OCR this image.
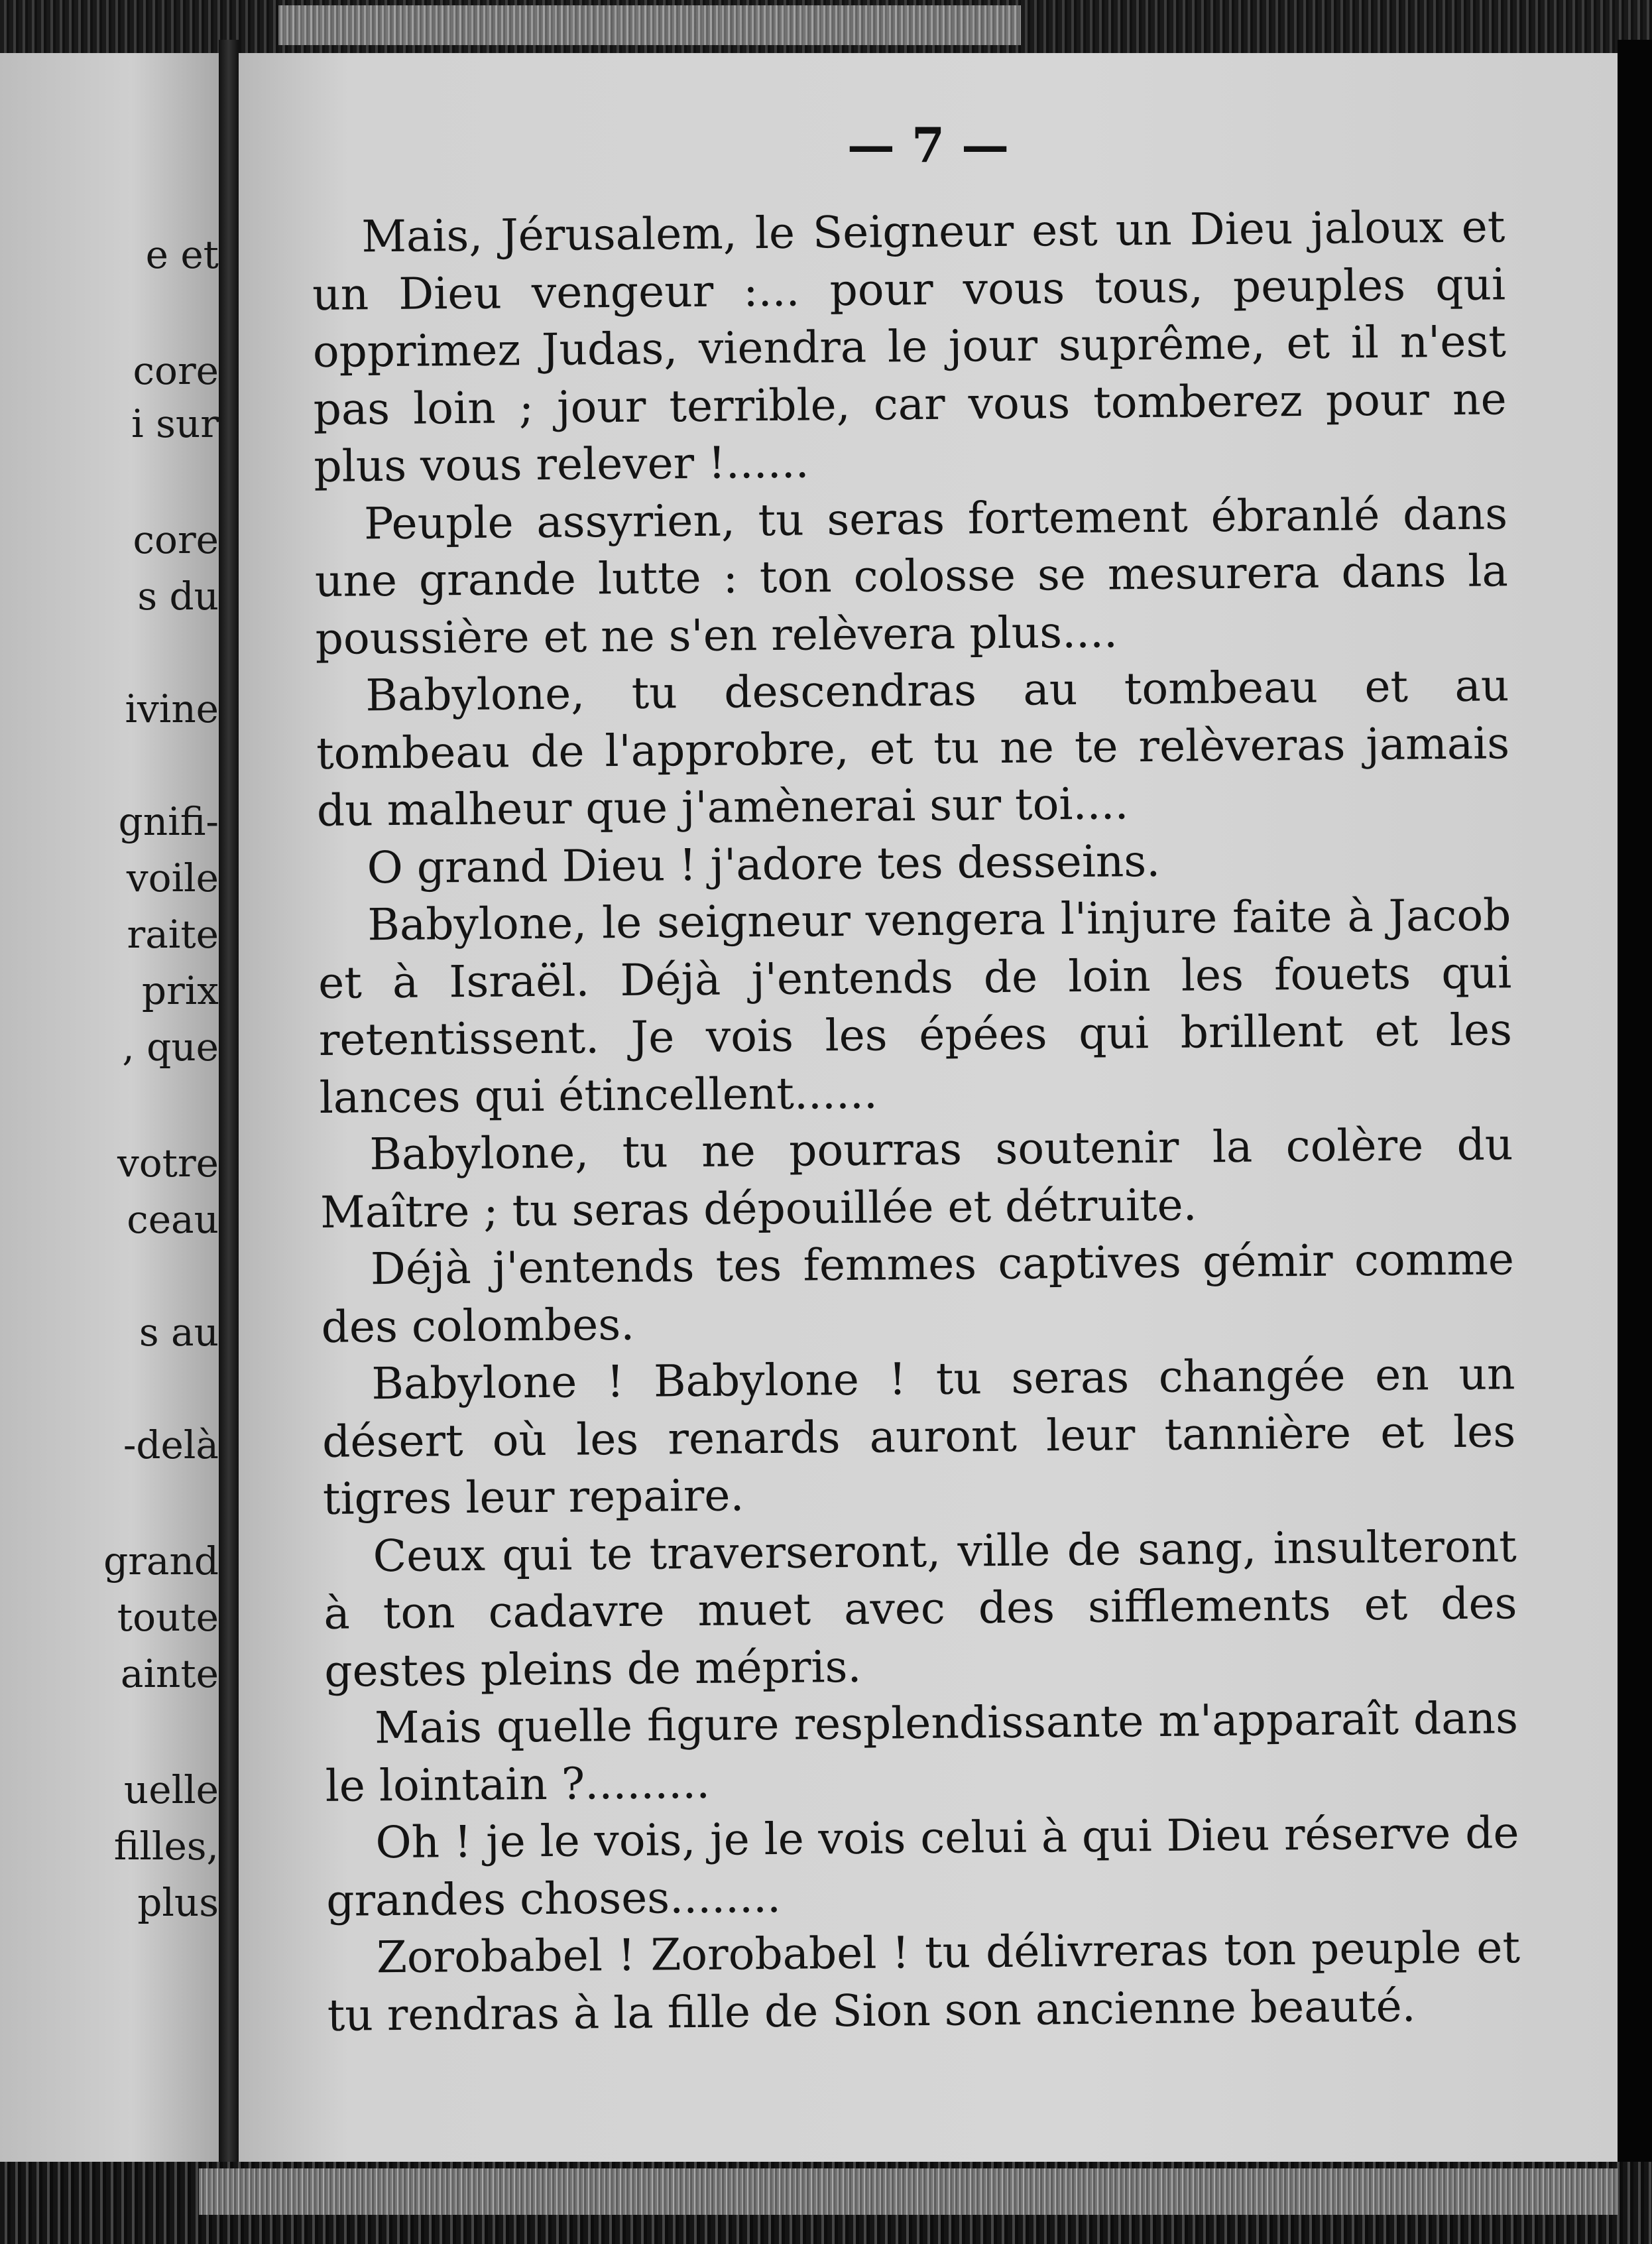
e et
core
i sur
core
s du
ivine
gnifi-
voile
raite
prix
, que
votre
ceau
s au
-delà
grand
toute
ainte
uelle
filles,
plus
— 7 —

Mais, Jérusalem, le Seigneur est un Dieu jaloux et un Dieu vengeur :... pour vous tous, peuples qui opprimez Judas, viendra le jour suprême, et il n'est pas loin ; jour terrible, car vous tomberez pour ne plus vous relever !......

Peuple assyrien, tu seras fortement ébranlé dans une grande lutte : ton colosse se mesurera dans la poussière et ne s'en relèvera plus....

Babylone, tu descendras au tombeau et au tombeau de l'approbre, et tu ne te relèveras jamais du malheur que j'amènerai sur toi....

O grand Dieu ! j'adore tes desseins.

Babylone, le seigneur vengera l'injure faite à Jacob et à Israël. Déjà j'entends de loin les fouets qui retentissent. Je vois les épées qui brillent et les lances qui étincellent......

Babylone, tu ne pourras soutenir la colère du Maître ; tu seras dépouillée et détruite.

Déjà j'entends tes femmes captives gémir comme des colombes.

Babylone ! Babylone ! tu seras changée en un désert où les renards auront leur tannière et les tigres leur repaire.

Ceux qui te traverseront, ville de sang, insulteront à ton cadavre muet avec des sifflements et des gestes pleins de mépris.

Mais quelle figure resplendissante m'apparaît dans le lointain ?.........

Oh ! je le vois, je le vois celui à qui Dieu réserve de grandes choses........

Zorobabel ! Zorobabel ! tu délivreras ton peuple et tu rendras à la fille de Sion son ancienne beauté.
